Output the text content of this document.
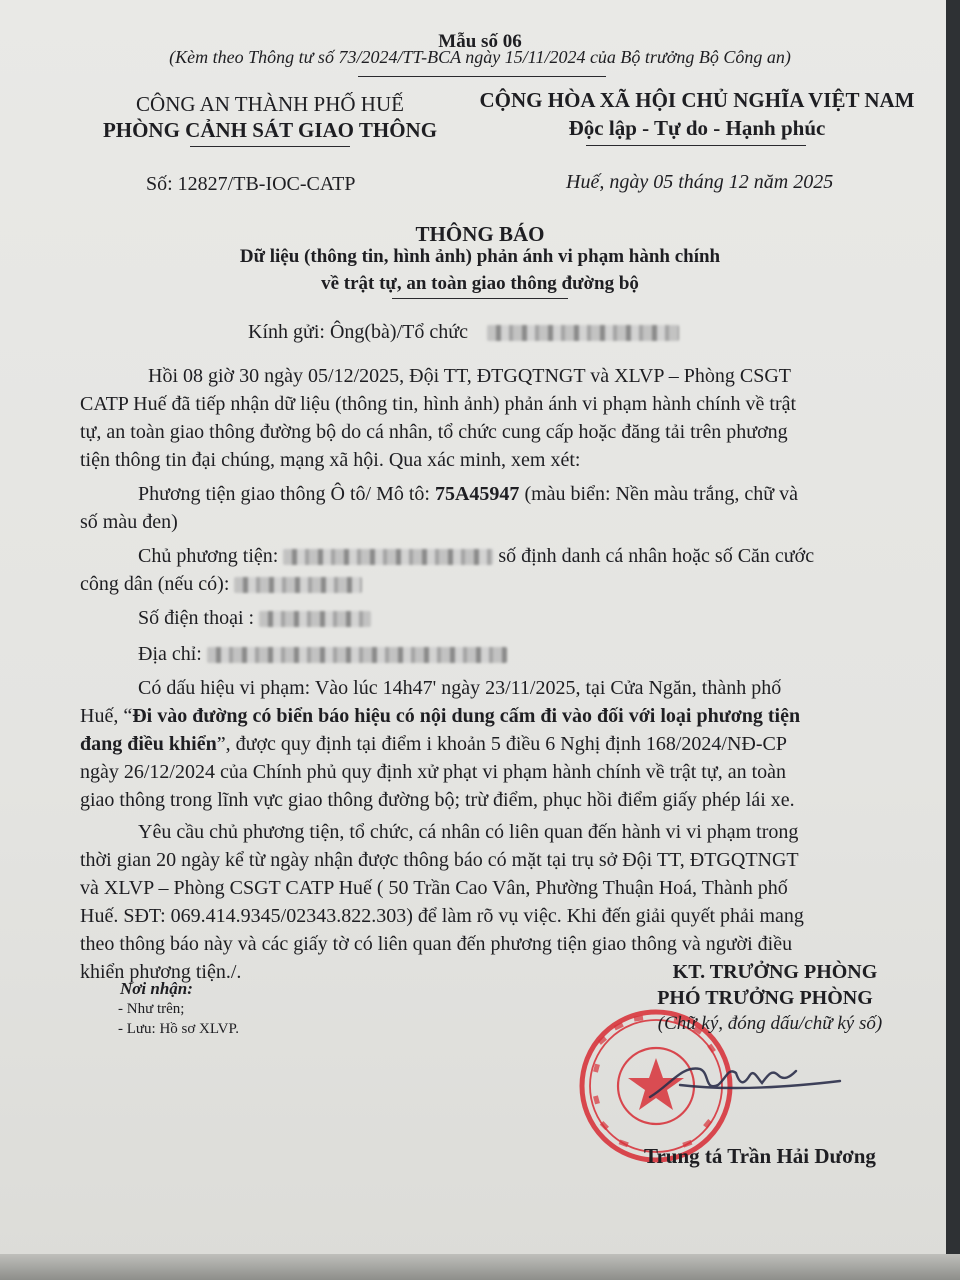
Mẫu số 06
(Kèm theo Thông tư số 73/2024/TT-BCA ngày 15/11/2024 của Bộ trưởng Bộ Công an)
CÔNG AN THÀNH PHỐ HUẾ
PHÒNG CẢNH SÁT GIAO THÔNG
CỘNG HÒA XÃ HỘI CHỦ NGHĨA VIỆT NAM
Độc lập - Tự do - Hạnh phúc
Số: 12827/TB-IOC-CATP	Huế, ngày 05 tháng 12 năm 2025
THÔNG BÁO
Dữ liệu (thông tin, hình ảnh) phản ánh vi phạm hành chính
về trật tự, an toàn giao thông đường bộ
Kính gửi: Ông(bà)/Tổ chức
Hồi 08 giờ 30 ngày 05/12/2025, Đội TT, ĐTGQTNGT và XLVP – Phòng CSGT
CATP Huế đã tiếp nhận dữ liệu (thông tin, hình ảnh) phản ánh vi phạm hành chính về trật
tự, an toàn giao thông đường bộ do cá nhân, tổ chức cung cấp hoặc đăng tải trên phương
tiện thông tin đại chúng, mạng xã hội. Qua xác minh, xem xét:
Phương tiện giao thông Ô tô/ Mô tô: 75A45947 (màu biển: Nền màu trắng, chữ và
số màu đen)
Chủ phương tiện:	số định danh cá nhân hoặc số Căn cước
công dân (nếu có):
Số điện thoại :
Địa chỉ:
Có dấu hiệu vi phạm: Vào lúc 14h47' ngày 23/11/2025, tại Cửa Ngăn, thành phố
Huế, “Đi vào đường có biển báo hiệu có nội dung cấm đi vào đối với loại phương tiện
đang điều khiển”, được quy định tại điểm i khoản 5 điều 6 Nghị định 168/2024/NĐ-CP
ngày 26/12/2024 của Chính phủ quy định xử phạt vi phạm hành chính về trật tự, an toàn
giao thông trong lĩnh vực giao thông đường bộ; trừ điểm, phục hồi điểm giấy phép lái xe.
Yêu cầu chủ phương tiện, tổ chức, cá nhân có liên quan đến hành vi vi phạm trong
thời gian 20 ngày kể từ ngày nhận được thông báo có mặt tại trụ sở Đội TT, ĐTGQTNGT
và XLVP – Phòng CSGT CATP Huế ( 50 Trần Cao Vân, Phường Thuận Hoá, Thành phố
Huế. SĐT: 069.414.9345/02343.822.303) để làm rõ vụ việc. Khi đến giải quyết phải mang
theo thông báo này và các giấy tờ có liên quan đến phương tiện giao thông và người điều
khiển phương tiện./.
Nơi nhận:
- Như trên;
- Lưu: Hồ sơ XLVP.
KT. TRƯỞNG PHÒNG
PHÓ TRƯỞNG PHÒNG
(Chữ ký, đóng dấu/chữ ký số)
Trung tá Trần Hải Dương
